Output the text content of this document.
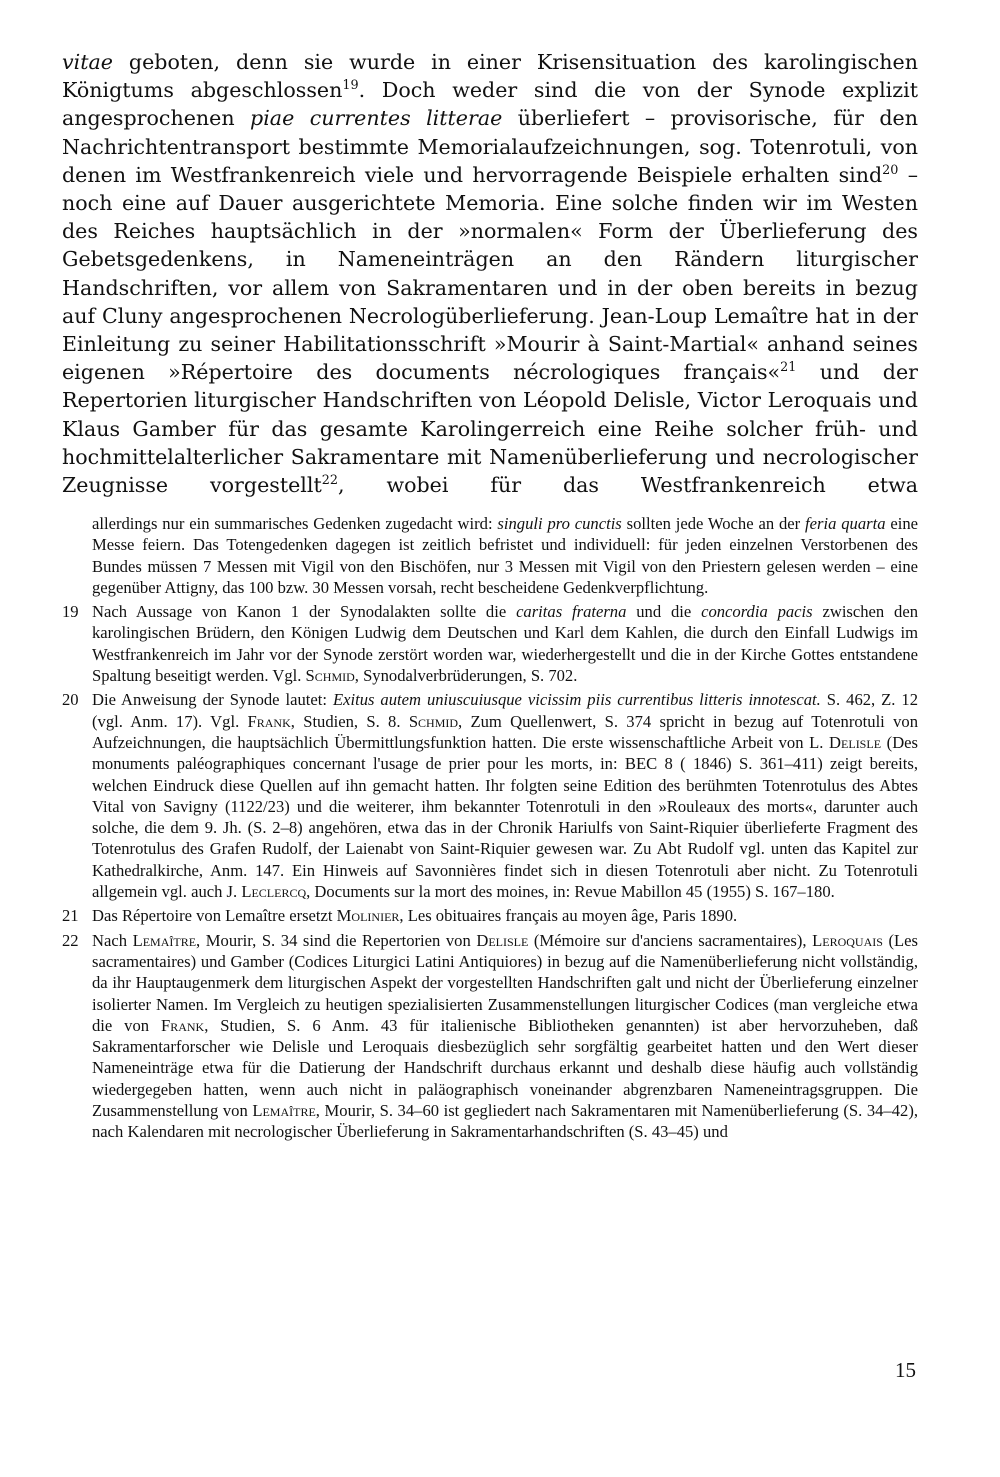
vitae geboten, denn sie wurde in einer Krisensituation des karolingischen Königtums abgeschlossen$^{19}$. Doch weder sind die von der Synode explizit angesprochenen piae currentes litterae überliefert – provisorische, für den Nachrichtentransport bestimmte Memorialaufzeichnungen, sog. Totenrotuli, von denen im Westfrankenreich viele und hervorragende Beispiele erhalten sind$^{20}$ – noch eine auf Dauer ausgerichtete Memoria. Eine solche finden wir im Westen des Reiches hauptsächlich in der »normalen« Form der Überlieferung des Gebetsgedenkens, in Nameneinträgen an den Rändern liturgischer Handschriften, vor allem von Sakramentaren und in der oben bereits in bezug auf Cluny angesprochenen Necrologüberlieferung. Jean-Loup Lemaître hat in der Einleitung zu seiner Habilitationsschrift »Mourir à Saint-Martial« anhand seines eigenen »Répertoire des documents nécrologiques français«$^{21}$ und der Repertorien liturgischer Handschriften von Léopold Delisle, Victor Leroquais und Klaus Gamber für das gesamte Karolingerreich eine Reihe solcher früh- und hochmittelalterlicher Sakramentare mit Namenüberlieferung und necrologischer Zeugnisse vorgestellt$^{22}$, wobei für das Westfrankenreich etwa

allerdings nur ein summarisches Gedenken zugedacht wird: singuli pro cunctis sollten jede Woche an der feria quarta eine Messe feiern. Das Totengedenken dagegen ist zeitlich befristet und individuell: für jeden einzelnen Verstorbenen des Bundes müssen 7 Messen mit Vigil von den Bischöfen, nur 3 Messen mit Vigil von den Priestern gelesen werden – eine gegenüber Attigny, das 100 bzw. 30 Messen vorsah, recht bescheidene Gedenkverpflichtung.

19 Nach Aussage von Kanon 1 der Synodalakten sollte die caritas fraterna und die concordia pacis zwischen den karolingischen Brüdern, den Königen Ludwig dem Deutschen und Karl dem Kahlen, die durch den Einfall Ludwigs im Westfrankenreich im Jahr vor der Synode zerstört worden war, wiederhergestellt und die in der Kirche Gottes entstandene Spaltung beseitigt werden. Vgl. Schmid, Synodalverbrüderungen, S. 702.
20 Die Anweisung der Synode lautet: Exitus autem uniuscuiusque vicissim piis currentibus litteris innotescat. S. 462, Z. 12 (vgl. Anm. 17). Vgl. Frank, Studien, S. 8. Schmid, Zum Quellenwert, S. 374 spricht in bezug auf Totenrotuli von Aufzeichnungen, die hauptsächlich Übermittlungsfunktion hatten. Die erste wissenschaftliche Arbeit von L. Delisle (Des monuments paléographiques concernant l'usage de prier pour les morts, in: BEC 8 ( 1846) S. 361–411) zeigt bereits, welchen Eindruck diese Quellen auf ihn gemacht hatten. Ihr folgten seine Edition des berühmten Totenrotulus des Abtes Vital von Savigny (1122/23) und die weiterer, ihm bekannter Totenrotuli in den »Rouleaux des morts«, darunter auch solche, die dem 9. Jh. (S. 2–8) angehören, etwa das in der Chronik Hariulfs von Saint-Riquier überlieferte Fragment des Totenrotulus des Grafen Rudolf, der Laienabt von Saint-Riquier gewesen war. Zu Abt Rudolf vgl. unten das Kapitel zur Kathedralkirche, Anm. 147. Ein Hinweis auf Savonnières findet sich in diesen Totenrotuli aber nicht. Zu Totenrotuli allgemein vgl. auch J. Leclercq, Documents sur la mort des moines, in: Revue Mabillon 45 (1955) S. 167–180.
21 Das Répertoire von Lemaître ersetzt Molinier, Les obituaires français au moyen âge, Paris 1890.
22 Nach Lemaître, Mourir, S. 34 sind die Repertorien von Delisle (Mémoire sur d'anciens sacramentaires), Leroquais (Les sacramentaires) und Gamber (Codices Liturgici Latini Antiquiores) in bezug auf die Namenüberlieferung nicht vollständig, da ihr Hauptaugenmerk dem liturgischen Aspekt der vorgestellten Handschriften galt und nicht der Überlieferung einzelner isolierter Namen. Im Vergleich zu heutigen spezialisierten Zusammenstellungen liturgischer Codices (man vergleiche etwa die von Frank, Studien, S. 6 Anm. 43 für italienische Bibliotheken genannten) ist aber hervorzuheben, daß Sakramentarforscher wie Delisle und Leroquais diesbezüglich sehr sorgfältig gearbeitet hatten und den Wert dieser Nameneinträge etwa für die Datierung der Handschrift durchaus erkannt und deshalb diese häufig auch vollständig wiedergegeben hatten, wenn auch nicht in paläographisch voneinander abgrenzbaren Nameneintragsgruppen. Die Zusammenstellung von Lemaître, Mourir, S. 34–60 ist gegliedert nach Sakramentaren mit Namenüberlieferung (S. 34–42), nach Kalendaren mit necrologischer Überlieferung in Sakramentarhandschriften (S. 43–45) und
15
